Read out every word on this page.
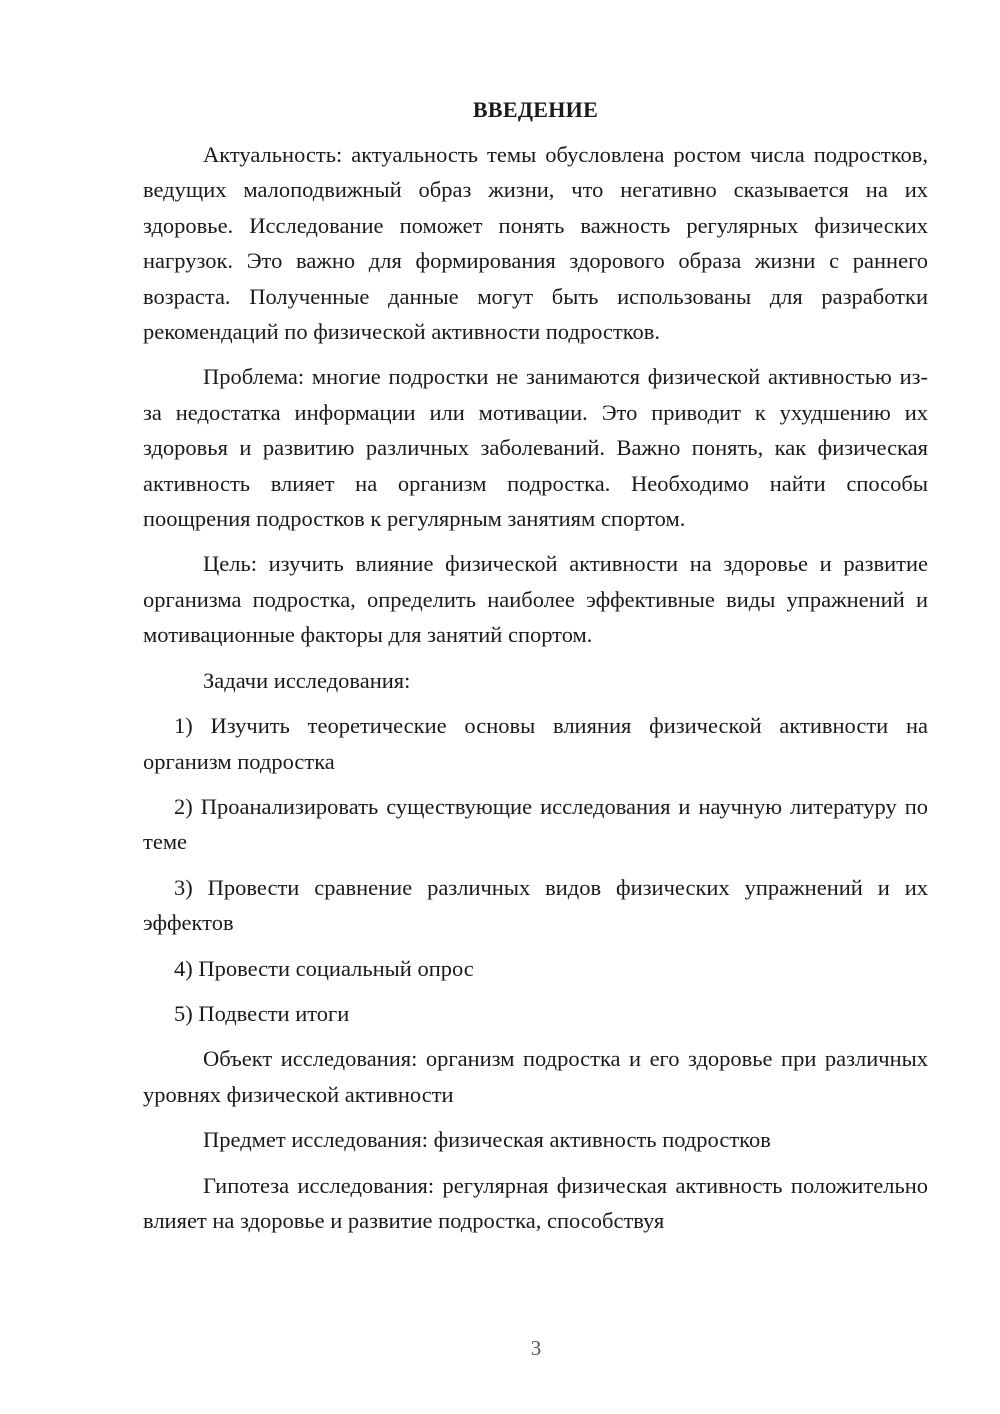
ВВЕДЕНИЕ

Актуальность: актуальность темы обусловлена ростом числа подростков, ведущих малоподвижный образ жизни, что негативно сказывается на их здоровье. Исследование поможет понять важность регулярных физических нагрузок. Это важно для формирования здорового образа жизни с раннего возраста. Полученные данные могут быть использованы для разработки рекомендаций по физической активности подростков.

Проблема: многие подростки не занимаются физической активностью из-за недостатка информации или мотивации. Это приводит к ухудшению их здоровья и развитию различных заболеваний. Важно понять, как физическая активность влияет на организм подростка. Необходимо найти способы поощрения подростков к регулярным занятиям спортом.

Цель: изучить влияние физической активности на здоровье и развитие организма подростка, определить наиболее эффективные виды упражнений и мотивационные факторы для занятий спортом.

Задачи исследования:

1) Изучить теоретические основы влияния физической активности на организм подростка

2) Проанализировать существующие исследования и научную литературу по теме

3) Провести сравнение различных видов физических упражнений и их эффектов

4) Провести социальный опрос

5) Подвести итоги

Объект исследования: организм подростка и его здоровье при различных уровнях физической активности

Предмет исследования: физическая активность подростков

Гипотеза исследования: регулярная физическая активность положительно влияет на здоровье и развитие подростка, способствуя

3
